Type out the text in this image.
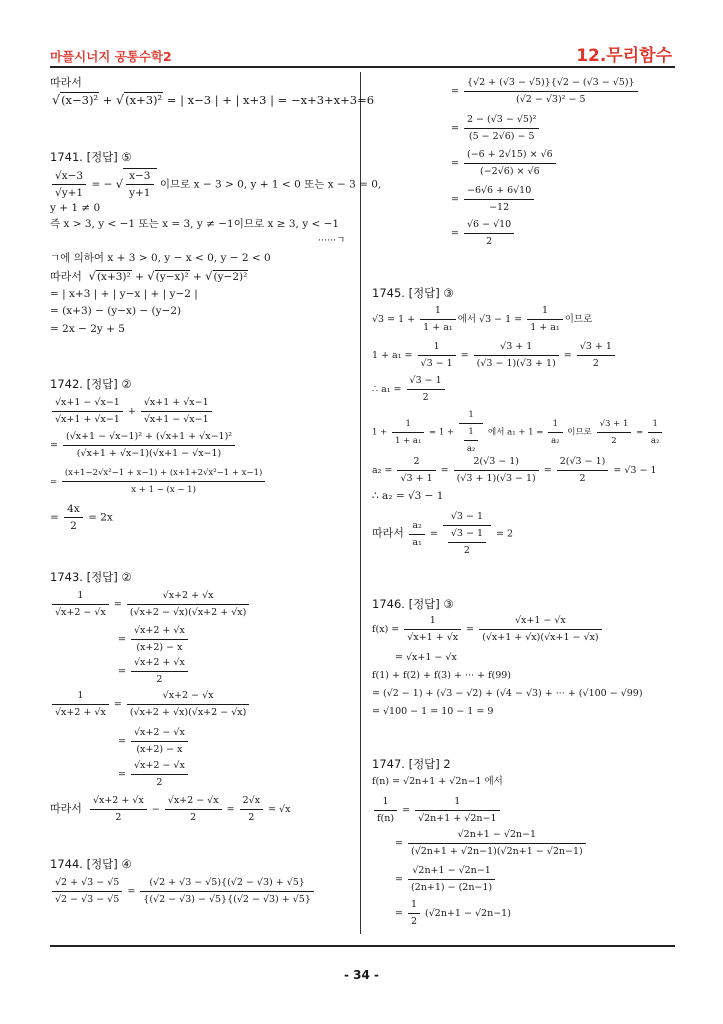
마플시너지 공통수학2	12.무리함수
- 34 -
따라서
√(x−3)² + √(x+3)² = | x−3 | + | x+3 | = −x+3+x+3=6
1741. [정답] ⑤
$\frac{√x-3}{√y+1}$ = − √ $\frac{x-3}{y+1}$ 이므로 x − 3 > 0, y + 1 < 0 또는 x − 3 = 0,
y + 1 ≠ 0
즉 x > 3, y < −1 또는 x = 3, y ≠ −1이므로 x ≥ 3, y < −1
······ㄱ
ㄱ에 의하여 x + 3 > 0, y − x < 0, y − 2 < 0
따라서 √(x+3)² + √(y−x)² + √(y−2)²
= | x+3 | + | y−x | + | y−2 |
= (x+3) − (y−x) − (y−2)
= 2x − 2y + 5
1742. [정답] ②
$\frac{√x+1 - √x-1}{√x+1 + √x-1} + \frac{√x+1 + √x-1}{√x+1 - √x-1}$
= $\frac{\text{(√x+1 − √x−1)² + (√x+1 + √x−1)²}}{(√x+1 + √x-1)(√x+1 - √x-1)}$
= $\frac{\text{(x+1−2√x²−1 + x−1) + (x+1+2√x²−1 + x−1)}}{x + 1 - (x - 1)}$
= $\frac{4x}{2} = 2x$
1743. [정답] ②
$\frac{1}{√x+2 - √x} = \frac{√x+2 + √x}{(√x+2 - √x)(√x+2 + √x)}$
= $\frac{√x+2 + √x}{(x+2) - x}$
= $\frac{√x+2 + √x}{2}$
$\frac{1}{√x+2 + √x} = \frac{√x+2 - √x}{(√x+2 + √x)(√x+2 - √x)}$
= $\frac{√x+2 - √x}{(x+2) - x}$
= $\frac{√x+2 - √x}{2}$
따라서 $\frac{√x+2 + √x}{2} - \frac{√x+2 - √x}{2} = \frac{2√x}{2} = √x$
1744. [정답] ④
$\frac{√2 + √3 - √5}{√2 - √3 - √5} = \frac{(√2 + √3 - √5)\{(√2 - √3) + √5\}}{\{(√2 - √3) - √5\}\{(√2 - √3) + √5\}}$
= $\frac{\{√2 + (√3 - √5)\}\{√2 - (√3 - √5)\}}{\text{(√2 − √3)² − 5}}$
= $\frac{\text{2 − (√3 − √5)²}}{(5 - 2√6) - 5}$
= $\frac{(-6 + 2√15) \times √6}{(-2√6) \times √6}$
= $\frac{-6√6 + 6√10}{-12}$
= $\frac{√6 - √10}{2}$
1745. [정답] ③
$√3 = 1 + \frac{1}{\text{1 + a₁}}$ 에서 $√3 - 1 = \frac{1}{\text{1 + a₁}}$ 이므로
$1 + a_1 = \frac{1}{√3 - 1} = \frac{√3 + 1}{(√3 - 1)(√3 + 1)} = \frac{√3 + 1}{2}$
∴ $a_1 = \frac{√3 - 1}{2}$
$1 + \frac{1}{\text{1 + a₁}} = 1 + \frac{1}{\frac{1}{\text{a₂}}}$ 에서 $a_1 + 1 = \frac{1}{\text{a₂}}$ 이므로 $\frac{√3 + 1}{2} = \frac{1}{\text{a₂}}$
$a_2 = \frac{2}{√3 + 1} = \frac{2(√3 - 1)}{(√3 + 1)(√3 - 1)} = \frac{2(√3 - 1)}{2} = √3 - 1$
∴ a₂ = √3 − 1
따라서 $\frac{\text{a₂}}{\text{a₁}} = \frac{√3 - 1}{\frac{√3 - 1}{2}} = 2$
1746. [정답] ③
$f(x) = \frac{1}{√x+1 + √x} = \frac{√x+1 - √x}{(√x+1 + √x)(√x+1 - √x)}$
= √x+1 − √x
f(1) + f(2) + f(3) + ··· + f(99)
= (√2 − 1) + (√3 − √2) + (√4 − √3) + ··· + (√100 − √99)
= √100 − 1 = 10 − 1 = 9
1747. [정답] 2
f(n) = √2n+1 + √2n−1 에서
$\frac{1}{f(n)} = \frac{1}{√2n+1 + √2n-1}$
= $\frac{√2n+1 - √2n-1}{(√2n+1 + √2n-1)(√2n+1 - √2n-1)}$
= $\frac{√2n+1 - √2n-1}{(2n+1) - (2n-1)}$
= $\frac{1}{2} (√2n+1 - √2n-1)$
